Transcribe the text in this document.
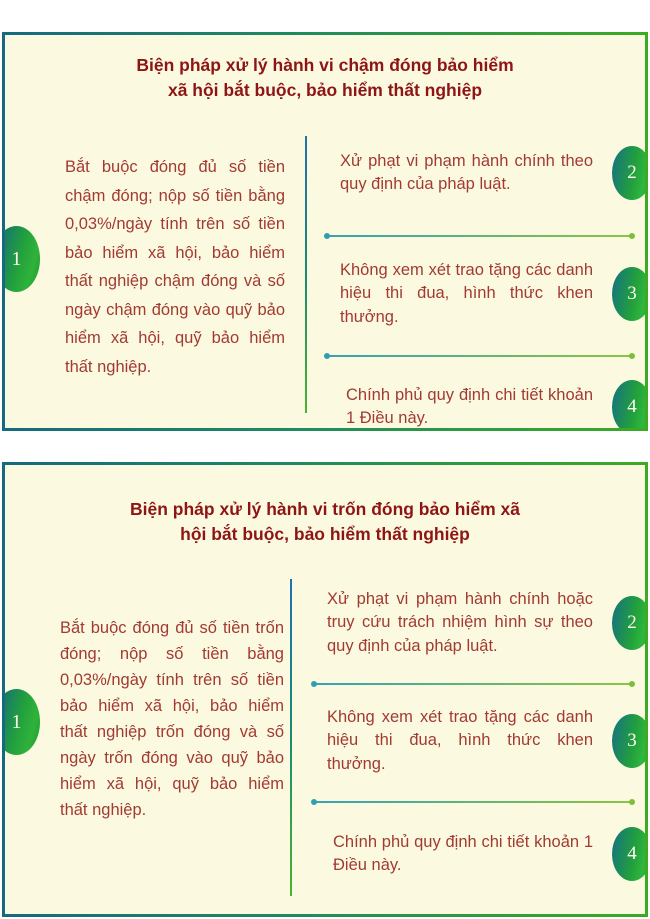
Biện pháp xử lý hành vi chậm đóng bảo hiểm
xã hội bắt buộc, bảo hiểm thất nghiệp
1
Bắt buộc đóng đủ số tiền chậm đóng; nộp số tiền bằng 0,03%/ngày tính trên số tiền bảo hiểm xã hội, bảo hiểm thất nghiệp chậm đóng và số ngày chậm đóng vào quỹ bảo hiểm xã hội, quỹ bảo hiểm thất nghiệp.
Xử phạt vi phạm hành chính theo quy định của pháp luật.
2
Không xem xét trao tặng các danh hiệu thi đua, hình thức khen thưởng.
3
Chính phủ quy định chi tiết khoản 1 Điều này.
4
Biện pháp xử lý hành vi trốn đóng bảo hiểm xã
hội bắt buộc, bảo hiểm thất nghiệp
1
Bắt buộc đóng đủ số tiền trốn đóng; nộp số tiền bằng 0,03%/ngày tính trên số tiền bảo hiểm xã hội, bảo hiểm thất nghiệp trốn đóng và số ngày trốn đóng vào quỹ bảo hiểm xã hội, quỹ bảo hiểm thất nghiệp.
Xử phạt vi phạm hành chính hoặc truy cứu trách nhiệm hình sự theo quy định của pháp luật.
2
Không xem xét trao tặng các danh hiệu thi đua, hình thức khen thưởng.
3
Chính phủ quy định chi tiết khoản 1 Điều này.
4
